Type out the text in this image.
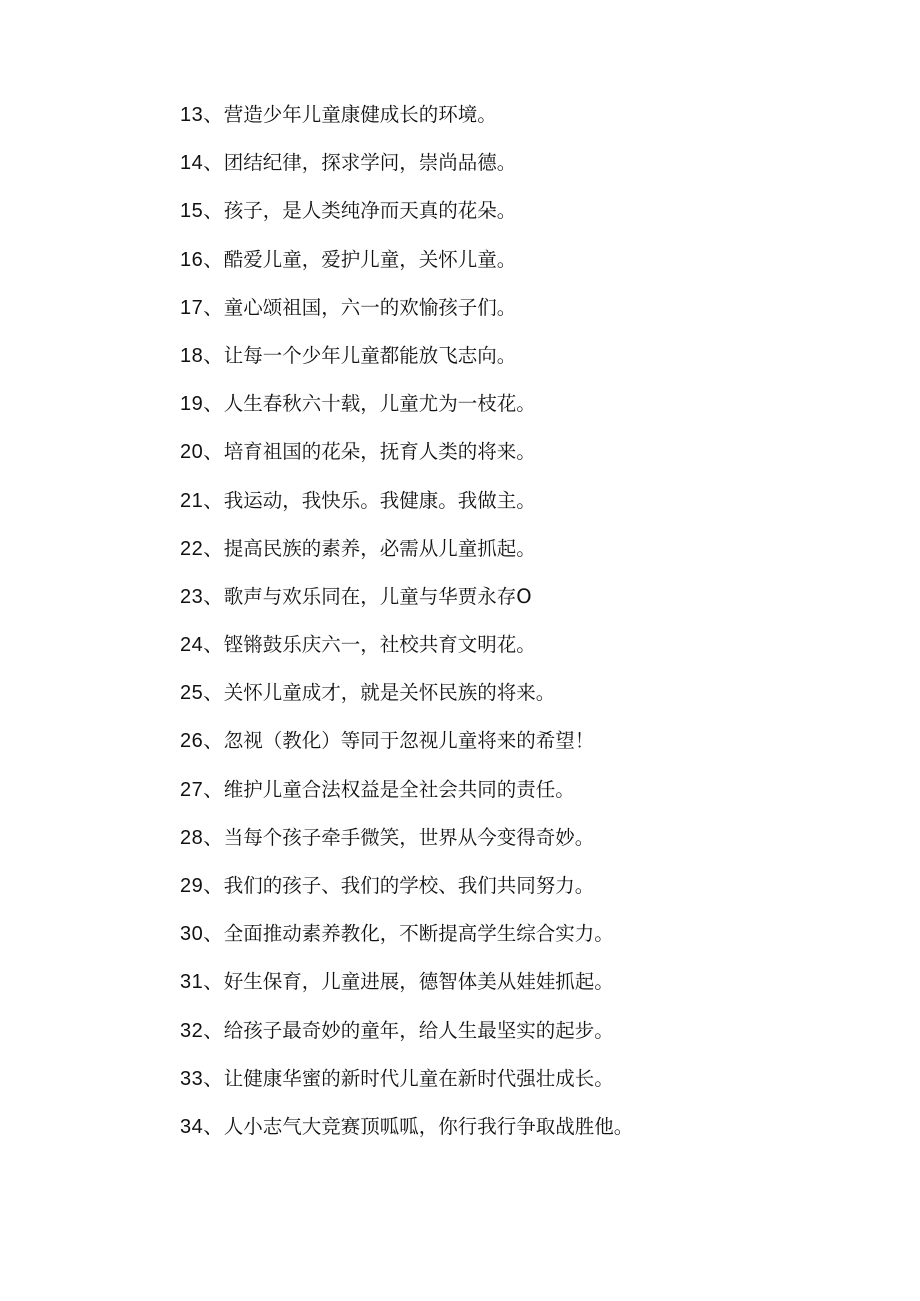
13、 营造少年儿童康健成长的环境。
14、 团结纪律，探求学问，崇尚品德。
15、 孩子，是人类纯净而天真的花朵。
16、 酷爱儿童，爱护儿童，关怀儿童。
17、 童心颂祖国，六一的欢愉孩子们。
18、 让每一个少年儿童都能放飞志向。
19、 人生春秋六十载，儿童尤为一枝花。
20、 培育祖国的花朵，抚育人类的将来。
21、 我运动，我快乐。我健康。我做主。
22、 提高民族的素养，必需从儿童抓起。
23、 歌声与欢乐同在，儿童与华贾永存O
24、 铿锵鼓乐庆六一，社校共育文明花。
25、 关怀儿童成才，就是关怀民族的将来。
26、 忽视（教化）等同于忽视儿童将来的希望！
27、 维护儿童合法权益是全社会共同的责任。
28、 当每个孩子牵手微笑，世界从今变得奇妙。
29、 我们的孩子、我们的学校、我们共同努力。
30、 全面推动素养教化，不断提高学生综合实力。
31、 好生保育，儿童进展，德智体美从娃娃抓起。
32、 给孩子最奇妙的童年，给人生最坚实的起步。
33、 让健康华蜜的新时代儿童在新时代强壮成长。
34、 人小志气大竞赛顶呱呱，你行我行争取战胜他。
